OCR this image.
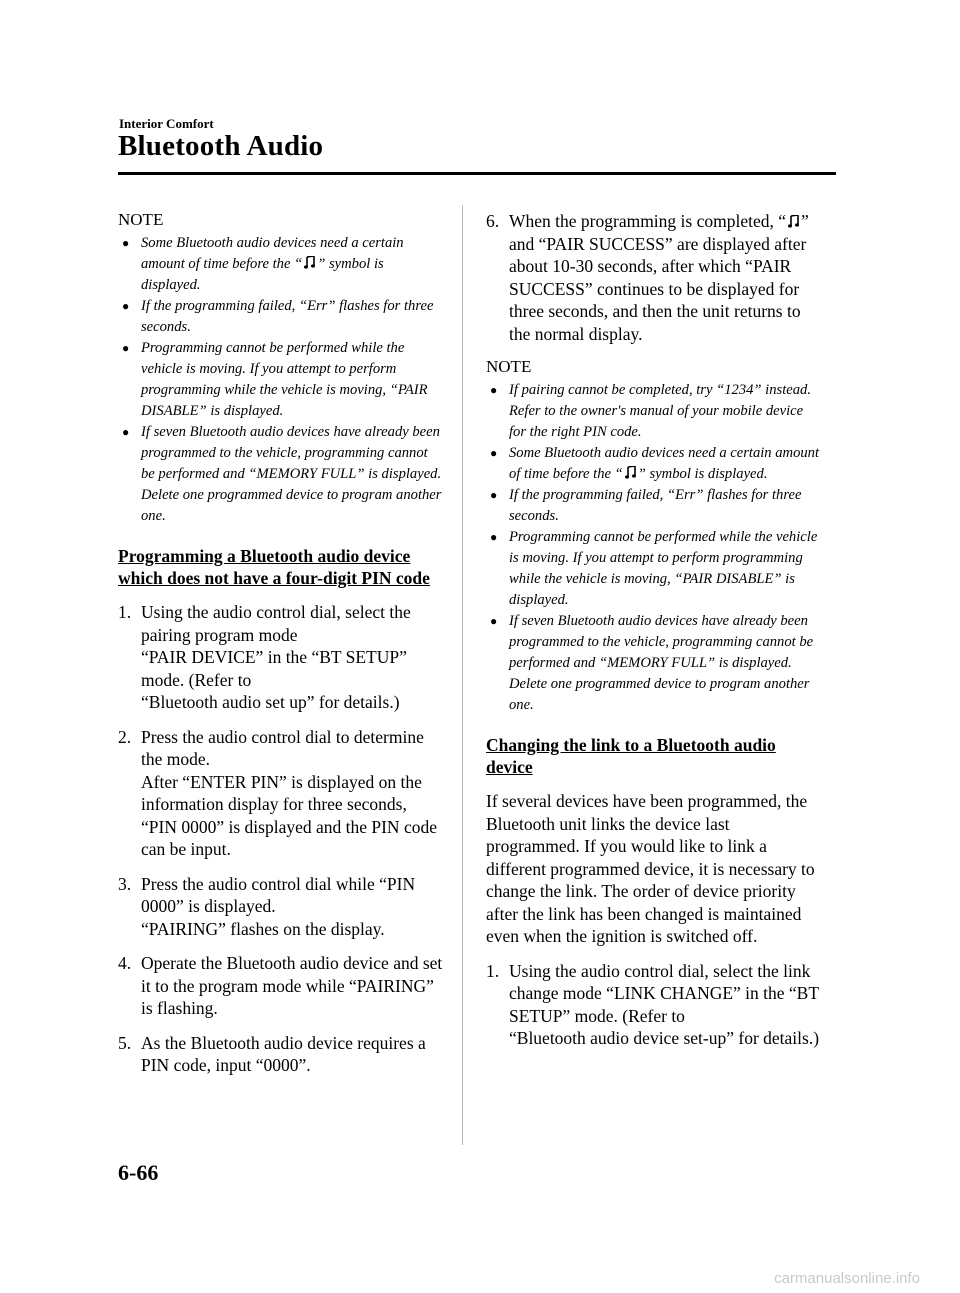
Interior Comfort
Bluetooth Audio
NOTE
● Some Bluetooth audio devices need a certain amount of time before the “ ” symbol is displayed.
● If the programming failed, “Err” flashes for three seconds.
● Programming cannot be performed while the vehicle is moving. If you attempt to perform programming while the vehicle is moving, “PAIR DISABLE” is displayed.
● If seven Bluetooth audio devices have already been programmed to the vehicle, programming cannot be performed and “MEMORY FULL” is displayed. Delete one programmed device to program another one.
Programming a Bluetooth audio device which does not have a four-digit PIN code
1. Using the audio control dial, select the pairing program mode
“PAIR DEVICE” in the “BT SETUP” mode. (Refer to
“Bluetooth audio set up” for details.)
2. Press the audio control dial to determine the mode.
After “ENTER PIN” is displayed on the information display for three seconds, “PIN 0000” is displayed and the PIN code can be input.
3. Press the audio control dial while “PIN 0000” is displayed.
“PAIRING” flashes on the display.
4. Operate the Bluetooth audio device and set it to the program mode while “PAIRING” is flashing.
5. As the Bluetooth audio device requires a PIN code, input “0000”.
6. When the programming is completed, “ ” and “PAIR SUCCESS” are displayed after about 10-30 seconds, after which “PAIR SUCCESS” continues to be displayed for three seconds, and then the unit returns to the normal display.
NOTE
● If pairing cannot be completed, try “1234” instead. Refer to the owner's manual of your mobile device for the right PIN code.
● Some Bluetooth audio devices need a certain amount of time before the “ ” symbol is displayed.
● If the programming failed, “Err” flashes for three seconds.
● Programming cannot be performed while the vehicle is moving. If you attempt to perform programming while the vehicle is moving, “PAIR DISABLE” is displayed.
● If seven Bluetooth audio devices have already been programmed to the vehicle, programming cannot be performed and “MEMORY FULL” is displayed. Delete one programmed device to program another one.
Changing the link to a Bluetooth audio device

If several devices have been programmed, the Bluetooth unit links the device last programmed. If you would like to link a different programmed device, it is necessary to change the link. The order of device priority after the link has been changed is maintained even when the ignition is switched off.

1. Using the audio control dial, select the link change mode “LINK CHANGE” in the “BT SETUP” mode. (Refer to
“Bluetooth audio device set-up” for details.)
6-66
carmanualsonline.info
